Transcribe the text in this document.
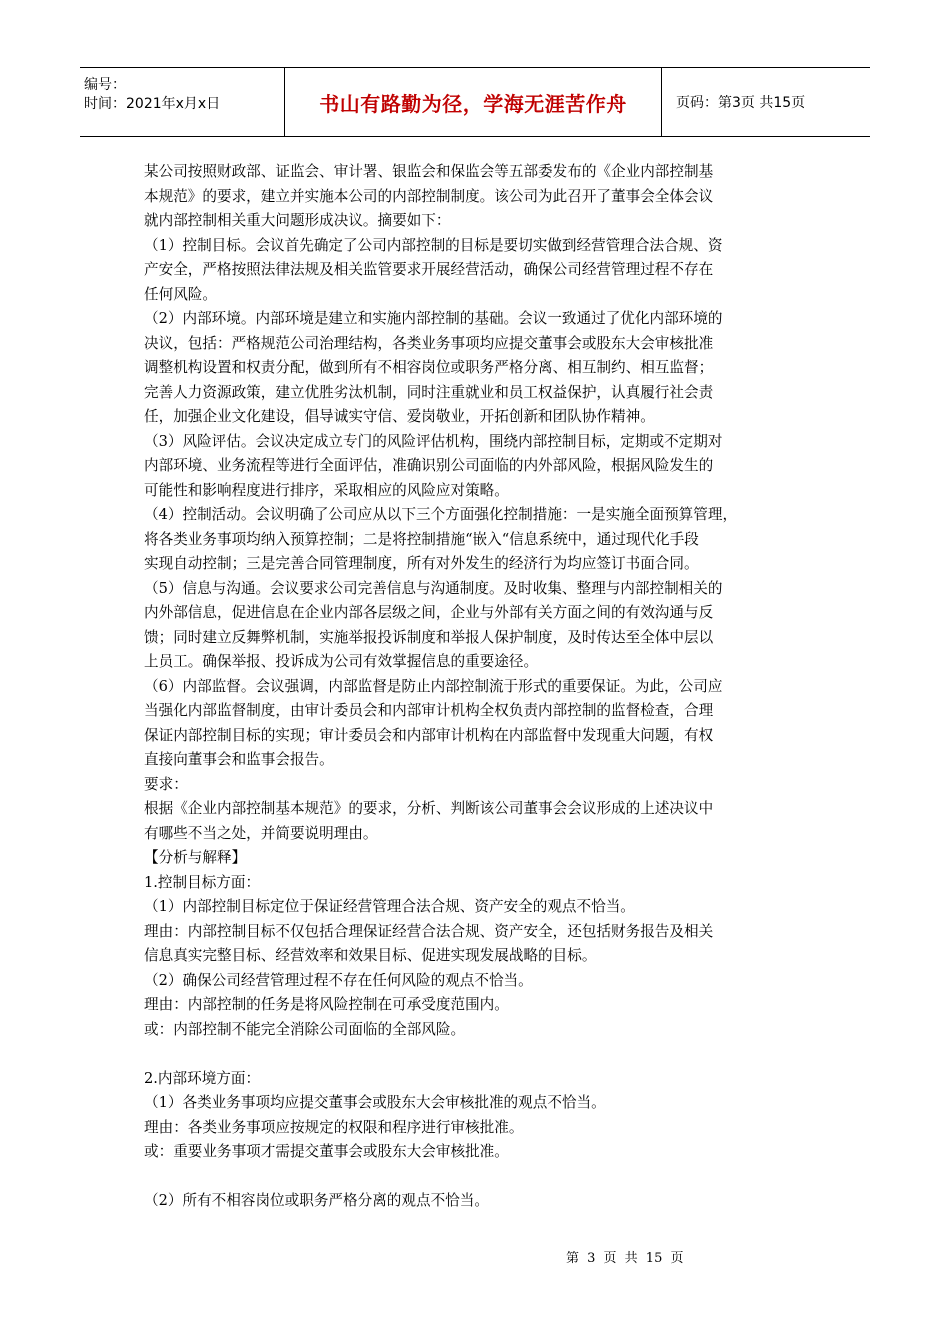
编号：
时间：2021年x月x日	书山有路勤为径，学海无涯苦作舟	页码：第3页 共15页

某公司按照财政部、证监会、审计署、银监会和保监会等五部委发布的《企业内部控制基

本规范》的要求，建立并实施本公司的内部控制制度。该公司为此召开了董事会全体会议

就内部控制相关重大问题形成决议。摘要如下：

（1）控制目标。会议首先确定了公司内部控制的目标是要切实做到经营管理合法合规、资

产安全，严格按照法律法规及相关监管要求开展经营活动，确保公司经营管理过程不存在

任何风险。

（2）内部环境。内部环境是建立和实施内部控制的基础。会议一致通过了优化内部环境的

决议，包括：严格规范公司治理结构，各类业务事项均应提交董事会或股东大会审核批准

调整机构设置和权责分配，做到所有不相容岗位或职务严格分离、相互制约、相互监督；

完善人力资源政策，建立优胜劣汰机制，同时注重就业和员工权益保护，认真履行社会责

任，加强企业文化建设，倡导诚实守信、爱岗敬业，开拓创新和团队协作精神。

（3）风险评估。会议决定成立专门的风险评估机构，围绕内部控制目标，定期或不定期对

内部环境、业务流程等进行全面评估，准确识别公司面临的内外部风险，根据风险发生的

可能性和影响程度进行排序，采取相应的风险应对策略。

（4）控制活动。会议明确了公司应从以下三个方面强化控制措施：一是实施全面预算管理，

将各类业务事项均纳入预算控制；二是将控制措施“嵌入“信息系统中，通过现代化手段

实现自动控制；三是完善合同管理制度，所有对外发生的经济行为均应签订书面合同。

（5）信息与沟通。会议要求公司完善信息与沟通制度。及时收集、整理与内部控制相关的

内外部信息，促进信息在企业内部各层级之间，企业与外部有关方面之间的有效沟通与反

馈；同时建立反舞弊机制，实施举报投诉制度和举报人保护制度，及时传达至全体中层以

上员工。确保举报、投诉成为公司有效掌握信息的重要途径。

（6）内部监督。会议强调，内部监督是防止内部控制流于形式的重要保证。为此，公司应

当强化内部监督制度，由审计委员会和内部审计机构全权负责内部控制的监督检查，合理

保证内部控制目标的实现；审计委员会和内部审计机构在内部监督中发现重大问题，有权

直接向董事会和监事会报告。

要求：

根据《企业内部控制基本规范》的要求，分析、判断该公司董事会会议形成的上述决议中

有哪些不当之处，并简要说明理由。

【分析与解释】

1.控制目标方面：

（1）内部控制目标定位于保证经营管理合法合规、资产安全的观点不恰当。

理由：内部控制目标不仅包括合理保证经营合法合规、资产安全，还包括财务报告及相关

信息真实完整目标、经营效率和效果目标、促进实现发展战略的目标。

（2）确保公司经营管理过程不存在任何风险的观点不恰当。

理由：内部控制的任务是将风险控制在可承受度范围内。

或：内部控制不能完全消除公司面临的全部风险。

2.内部环境方面：

（1）各类业务事项均应提交董事会或股东大会审核批准的观点不恰当。

理由：各类业务事项应按规定的权限和程序进行审核批准。

或：重要业务事项才需提交董事会或股东大会审核批准。

（2）所有不相容岗位或职务严格分离的观点不恰当。

第 3 页 共 15 页
